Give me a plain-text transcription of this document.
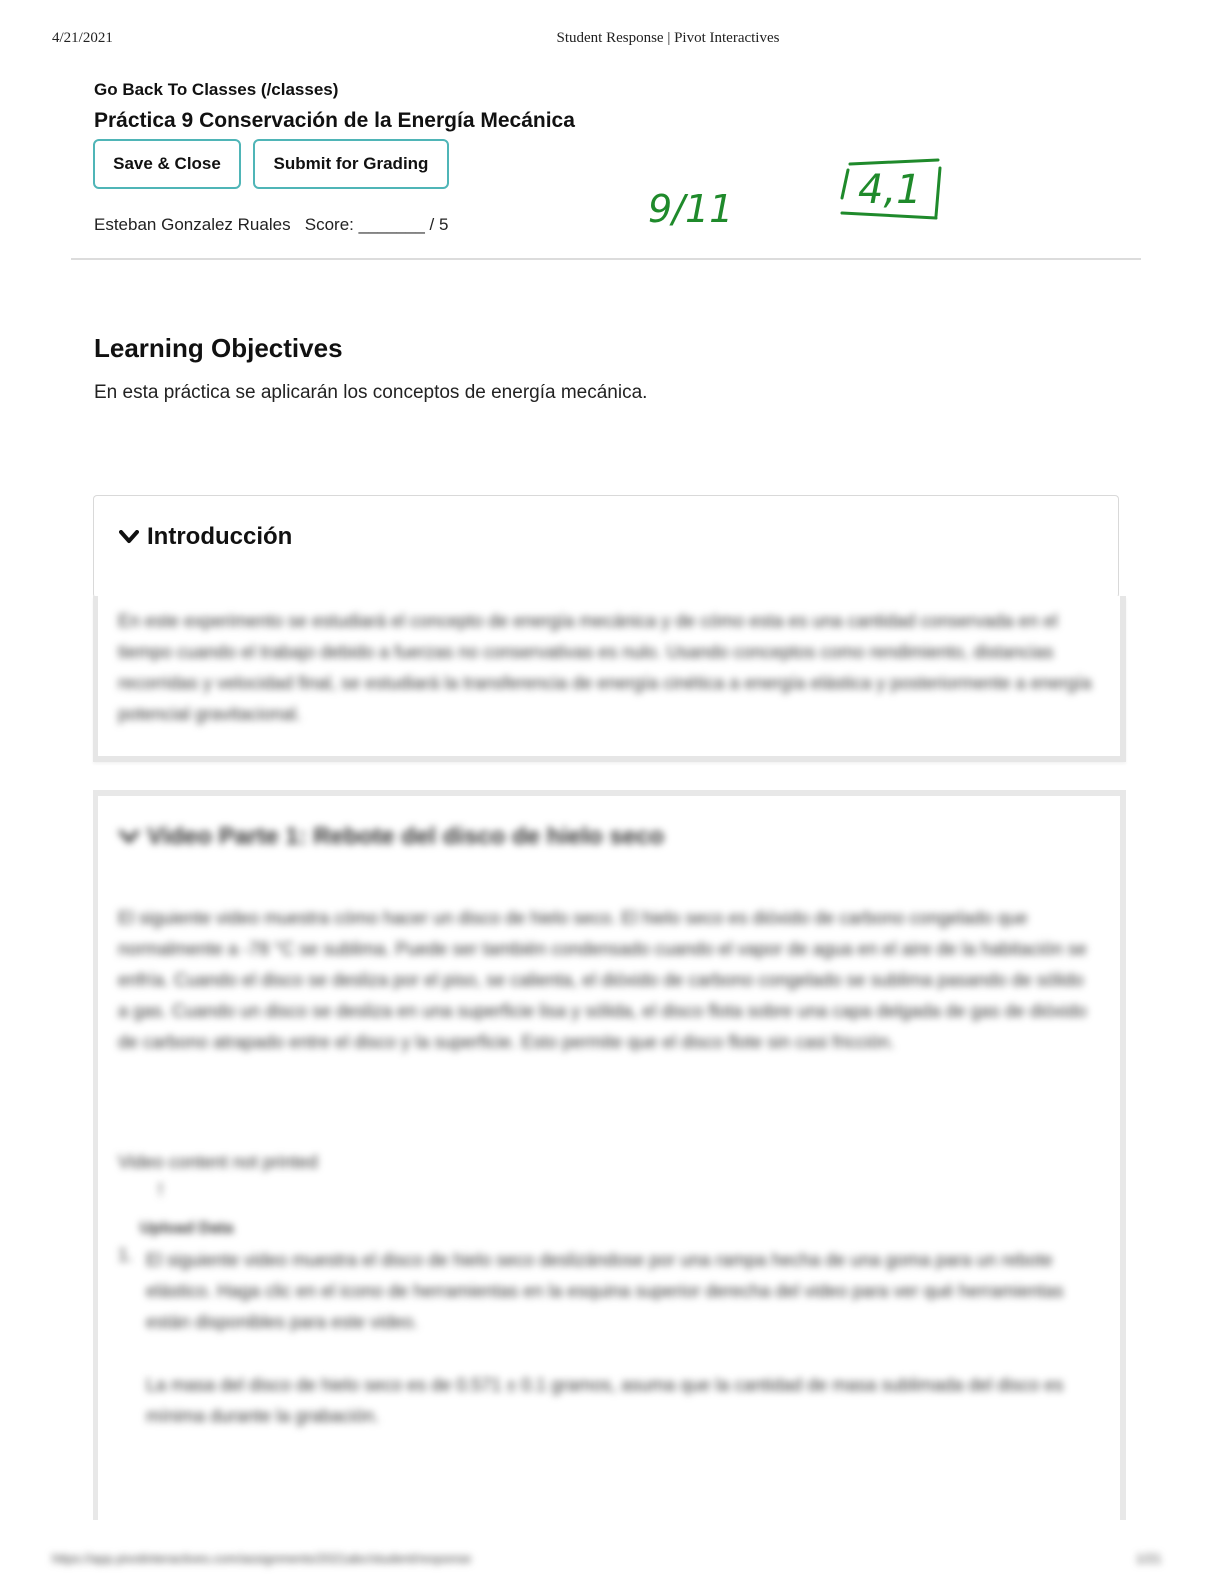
4/21/2021	Student Response | Pivot Interactives
Go Back To Classes (/classes)
Práctica 9 Conservación de la Energía Mecánica
Save & Close	Submit for Grading
Esteban Gonzalez Ruales Score: _______ / 5	9/11	4,1
Learning Objectives

En esta práctica se aplicarán los conceptos de energía mecánica.

Introducción

En este experimento se estudiará el concepto de energía mecánica y de cómo esta es una cantidad conservada en el tiempo cuando el trabajo debido a fuerzas no conservativas es nulo. Usando conceptos como rendimiento, distancias recorridas y velocidad final, se estudiará la transferencia de energía cinética a energía elástica y posteriormente a energía potencial gravitacional.

Video Parte 1: Rebote del disco de hielo seco

El siguiente video muestra cómo hacer un disco de hielo seco. El hielo seco es dióxido de carbono congelado que normalmente a -78 °C se sublima. Puede ser también condensado cuando el vapor de agua en el aire de la habitación se enfría. Cuando el disco se desliza por el piso, se calienta, el dióxido de carbono congelado se sublima pasando de sólido a gas. Cuando un disco se desliza en una superficie lisa y sólida, el disco flota sobre una capa delgada de gas de dióxido de carbono atrapado entre el disco y la superficie. Esto permite que el disco flote sin casi fricción.

Video content not printed
!
Upload Data
1. El siguiente video muestra el disco de hielo seco deslizándose por una rampa hecha de una goma para un rebote elástico. Haga clic en el icono de herramientas en la esquina superior derecha del video para ver qué herramientas están disponibles para este video.

La masa del disco de hielo seco es de 0.571 ± 0.1 gramos, asuma que la cantidad de masa sublimada del disco es mínima durante la grabación.

https://app.pivotinteractives.com/assignments/2021abc/student/response	1/21
